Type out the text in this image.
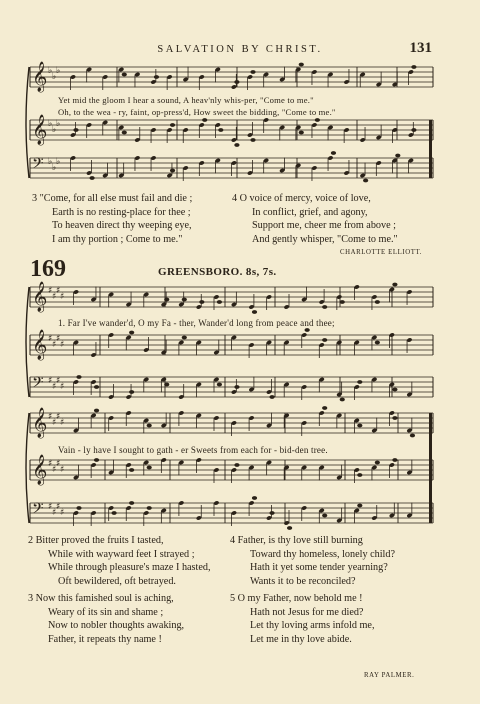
SALVATION BY CHRIST.	131
𝄞 ♭
♭
♭
𝄞 ♭
♭
♭
𝄢 ♭
♭
♭
𝄞 ♯
♯
♯
♯
𝄞 ♯
♯
♯
♯
𝄢 ♯
♯
♯
♯
𝄞 ♯
♯
♯
♯
𝄞 ♯
♯
♯
♯
𝄢 ♯
♯
♯
♯
Yet mid the gloom I hear a sound, A heav'nly whis-per, "Come to me."
Oh, to the wea - ry, faint, op-press'd, How sweet the bidding, "Come to me."
3 "Come, for all else must fail and die ;
Earth is no resting-place for thee ;
To heaven direct thy weeping eye,
I am thy portion ; Come to me."
4 O voice of mercy, voice of love,
In conflict, grief, and agony,
Support me, cheer me from above ;
And gently whisper, "Come to me."
CHARLOTTE ELLIOTT.
169	GREENSBORO. 8s, 7s.
1. Far I've wander'd, O my Fa - ther, Wander'd long from peace and thee;
Vain - ly have I sought to gath - er Sweets from each for - bid-den tree.
2 Bitter proved the fruits I tasted,
While with wayward feet I strayed ;
While through pleasure's maze I hasted,
Oft bewildered, oft betrayed.
3 Now this famished soul is aching,
Weary of its sin and shame ;
Now to nobler thoughts awaking,
Father, it repeats thy name !
4 Father, is thy love still burning
Toward thy homeless, lonely child?
Hath it yet some tender yearning?
Wants it to be reconciled?
5 O my Father, now behold me !
Hath not Jesus for me died?
Let thy loving arms infold me,
Let me in thy love abide.
RAY PALMER.
